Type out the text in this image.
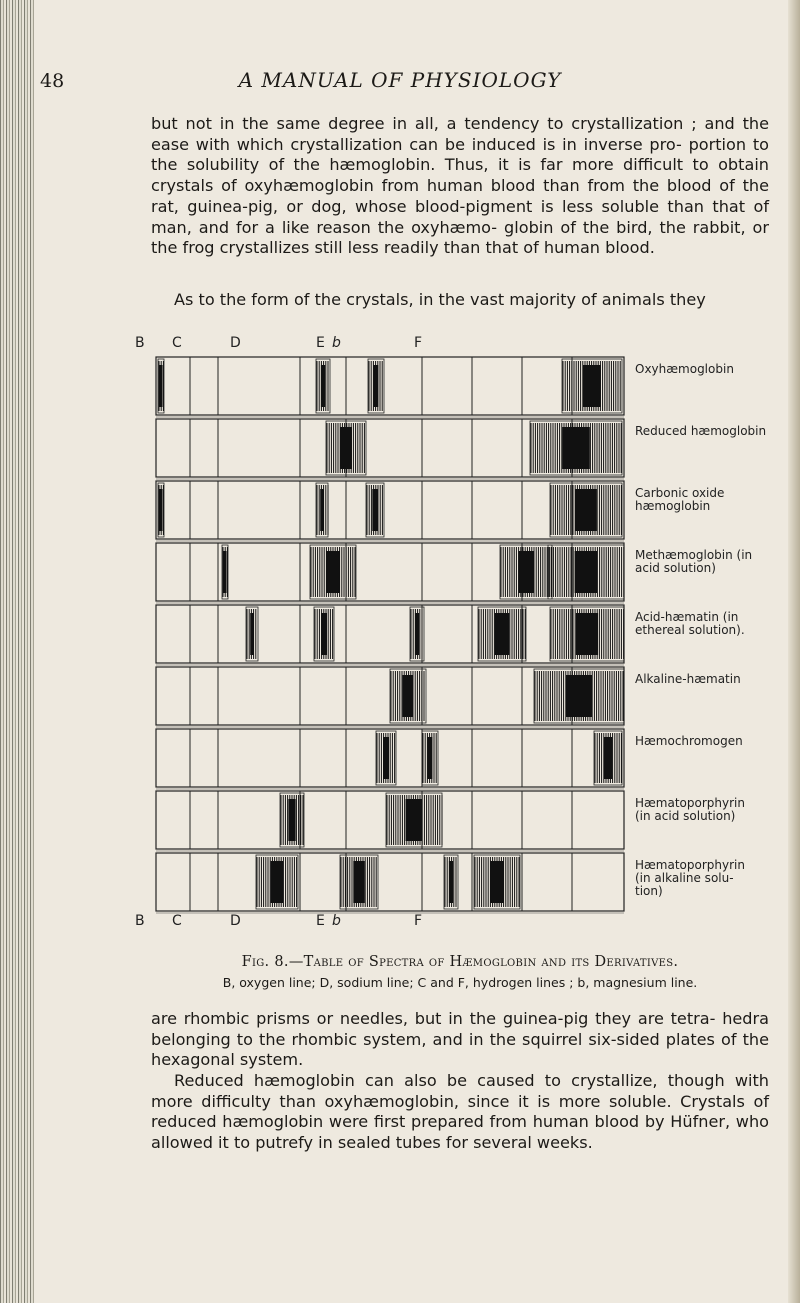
48	A MANUAL OF PHYSIOLOGY

but not in the same degree in all, a tendency to crystallization ; and the ease with which crystallization can be induced is in inverse pro- portion to the solubility of the hæmoglobin. Thus, it is far more difficult to obtain crystals of oxyhæmoglobin from human blood than from the blood of the rat, guinea-pig, or dog, whose blood-pigment is less soluble than that of man, and for a like reason the oxyhæmo- globin of the bird, the rabbit, or the frog crystallizes still less readily than that of human blood.

As to the form of the crystals, in the vast majority of animals they

B C	D	E b	F
Oxyhæmoglobin
Reduced hæmoglobin
Carbonic oxide
hæmoglobin
Methæmoglobin (in
acid solution)
Acid-hæmatin (in
ethereal solution).
Alkaline-hæmatin
Hæmochromogen
Hæmatoporphyrin
(in acid solution)
Hæmatoporphyrin
(in alkaline solu-
tion)
B C	D	E b	F
Fig. 8.—Table of Spectra of Hæmoglobin and its Derivatives.
B, oxygen line; D, sodium line; C and F, hydrogen lines ; b, magnesium line.

are rhombic prisms or needles, but in the guinea-pig they are tetra- hedra belonging to the rhombic system, and in the squirrel six-sided plates of the hexagonal system.

Reduced hæmoglobin can also be caused to crystallize, though with more difficulty than oxyhæmoglobin, since it is more soluble. Crystals of reduced hæmoglobin were first prepared from human blood by Hüfner, who allowed it to putrefy in sealed tubes for several weeks.
